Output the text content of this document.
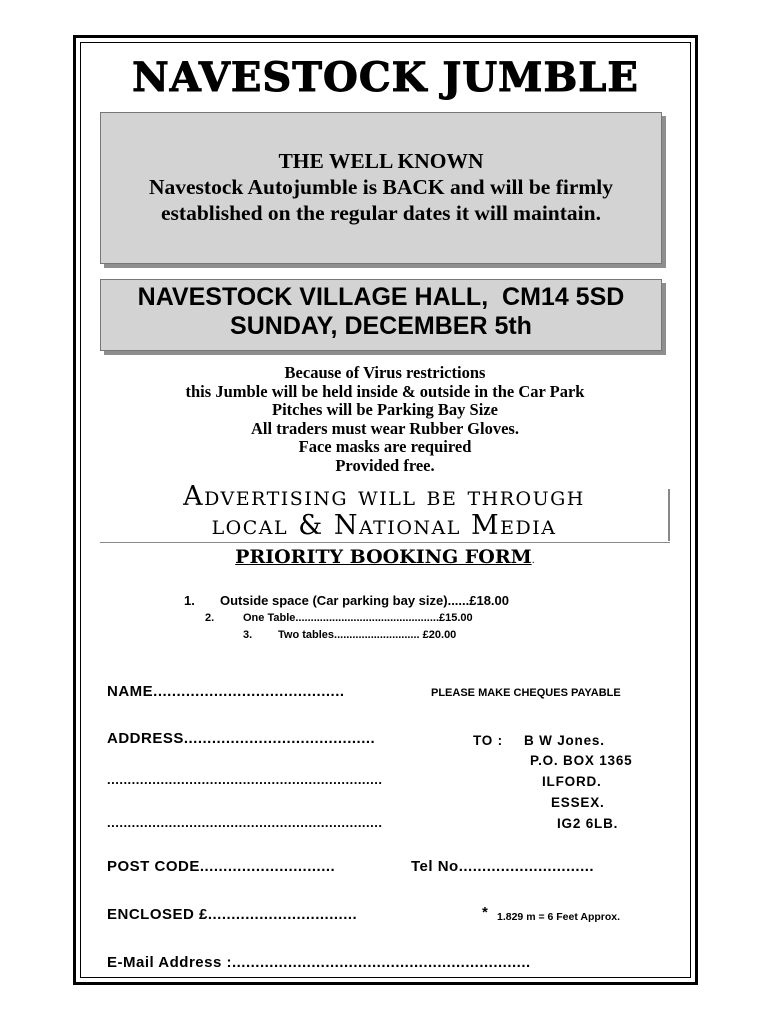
NAVESTOCK JUMBLE
THE WELL KNOWN
Navestock Autojumble is BACK and will be firmly
established on the regular dates it will maintain.
NAVESTOCK VILLAGE HALL,  CM14 5SD
SUNDAY, DECEMBER 5th
Because of Virus restrictions
this Jumble will be held inside & outside in the Car Park
Pitches will be Parking Bay Size
All traders must wear Rubber Gloves.
Face masks are required
Provided free.
Advertising will be through
local & National Media
PRIORITY BOOKING FORM.
1. Outside space (Car parking bay size)......£18.00
2.	One Table...............................................£15.00
3. Two tables............................ £20.00
NAME.........................................	PLEASE MAKE CHEQUES PAYABLE
ADDRESS.........................................	TO : B W Jones.
P.O. BOX 1365
ILFORD.
ESSEX.
IG2 6LB.
...................................................................
...................................................................
POST CODE.............................	Tel No.............................
ENCLOSED £................................	* 1.829 m = 6 Feet Approx.
E-Mail Address :................................................................
